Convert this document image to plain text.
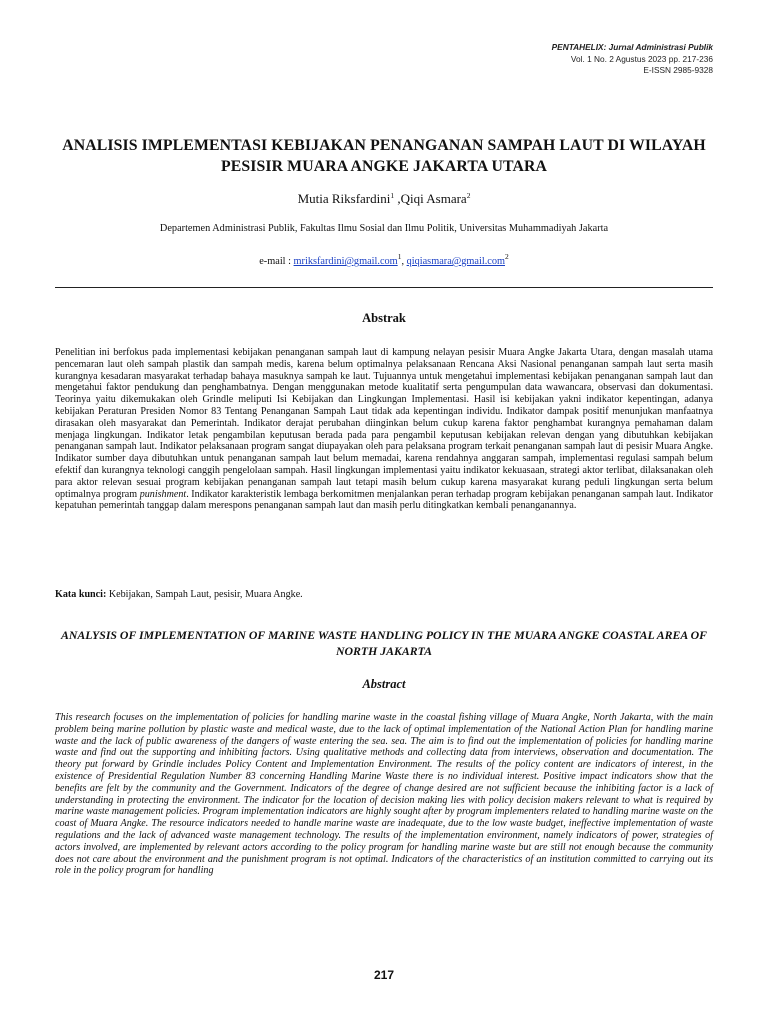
PENTAHELIX: Jurnal Administrasi Publik
Vol. 1 No. 2 Agustus 2023 pp. 217-236
E-ISSN 2985-9328
ANALISIS IMPLEMENTASI KEBIJAKAN PENANGANAN SAMPAH LAUT DI WILAYAH PESISIR MUARA ANGKE JAKARTA UTARA
Mutia Riksfardini$^1$ ,Qiqi Asmara$^2$
Departemen Administrasi Publik, Fakultas Ilmu Sosial dan Ilmu Politik, Universitas Muhammadiyah Jakarta
e-mail : mriksfardini@gmail.com$^1$, qiqiasmara@gmail.com$^2$
Abstrak
Penelitian ini berfokus pada implementasi kebijakan penanganan sampah laut di kampung nelayan pesisir Muara Angke Jakarta Utara, dengan masalah utama pencemaran laut oleh sampah plastik dan sampah medis, karena belum optimalnya pelaksanaan Rencana Aksi Nasional penanganan sampah laut serta masih kurangnya kesadaran masyarakat terhadap bahaya masuknya sampah ke laut. Tujuannya untuk mengetahui implementasi kebijakan penanganan sampah laut dan mengetahui faktor pendukung dan penghambatnya. Dengan menggunakan metode kualitatif serta pengumpulan data wawancara, observasi dan dokumentasi. Teorinya yaitu dikemukakan oleh Grindle meliputi Isi Kebijakan dan Lingkungan Implementasi. Hasil isi kebijakan yakni indikator kepentingan, adanya kebijakan Peraturan Presiden Nomor 83 Tentang Penanganan Sampah Laut tidak ada kepentingan individu. Indikator dampak positif menunjukan manfaatnya dirasakan oleh masyarakat dan Pemerintah. Indikator derajat perubahan diinginkan belum cukup karena faktor penghambat kurangnya pemahaman dalam menjaga lingkungan. Indikator letak pengambilan keputusan berada pada para pengambil keputusan kebijakan relevan dengan yang dibutuhkan kebijakan penanganan sampah laut. Indikator pelaksanaan program sangat diupayakan oleh para pelaksana program terkait penanganan sampah laut di pesisir Muara Angke. Indikator sumber daya dibutuhkan untuk penanganan sampah laut belum memadai, karena rendahnya anggaran sampah, implementasi regulasi sampah belum efektif dan kurangnya teknologi canggih pengelolaan sampah. Hasil lingkungan implementasi yaitu indikator kekuasaan, strategi aktor terlibat, dilaksanakan oleh para aktor relevan sesuai program kebijakan penanganan sampah laut tetapi masih belum cukup karena masyarakat kurang peduli lingkungan serta belum optimalnya program punishment. Indikator karakteristik lembaga berkomitmen menjalankan peran terhadap program kebijakan penanganan sampah laut. Indikator kepatuhan pemerintah tanggap dalam merespons penanganan sampah laut dan masih perlu ditingkatkan kembali penanganannya.
Kata kunci: Kebijakan, Sampah Laut, pesisir, Muara Angke.
ANALYSIS OF IMPLEMENTATION OF MARINE WASTE HANDLING POLICY IN THE MUARA ANGKE COASTAL AREA OF NORTH JAKARTA
Abstract
This research focuses on the implementation of policies for handling marine waste in the coastal fishing village of Muara Angke, North Jakarta, with the main problem being marine pollution by plastic waste and medical waste, due to the lack of optimal implementation of the National Action Plan for handling marine waste and the lack of public awareness of the dangers of waste entering the sea. sea. The aim is to find out the implementation of policies for handling marine waste and find out the supporting and inhibiting factors. Using qualitative methods and collecting data from interviews, observation and documentation. The theory put forward by Grindle includes Policy Content and Implementation Environment. The results of the policy content are indicators of interest, in the existence of Presidential Regulation Number 83 concerning Handling Marine Waste there is no individual interest. Positive impact indicators show that the benefits are felt by the community and the Government. Indicators of the degree of change desired are not sufficient because the inhibiting factor is a lack of understanding in protecting the environment. The indicator for the location of decision making lies with policy decision makers relevant to what is required by marine waste management policies. Program implementation indicators are highly sought after by program implementers related to handling marine waste on the coast of Muara Angke. The resource indicators needed to handle marine waste are inadequate, due to the low waste budget, ineffective implementation of waste regulations and the lack of advanced waste management technology. The results of the implementation environment, namely indicators of power, strategies of actors involved, are implemented by relevant actors according to the policy program for handling marine waste but are still not enough because the community does not care about the environment and the punishment program is not optimal. Indicators of the characteristics of an institution committed to carrying out its role in the policy program for handling
217
